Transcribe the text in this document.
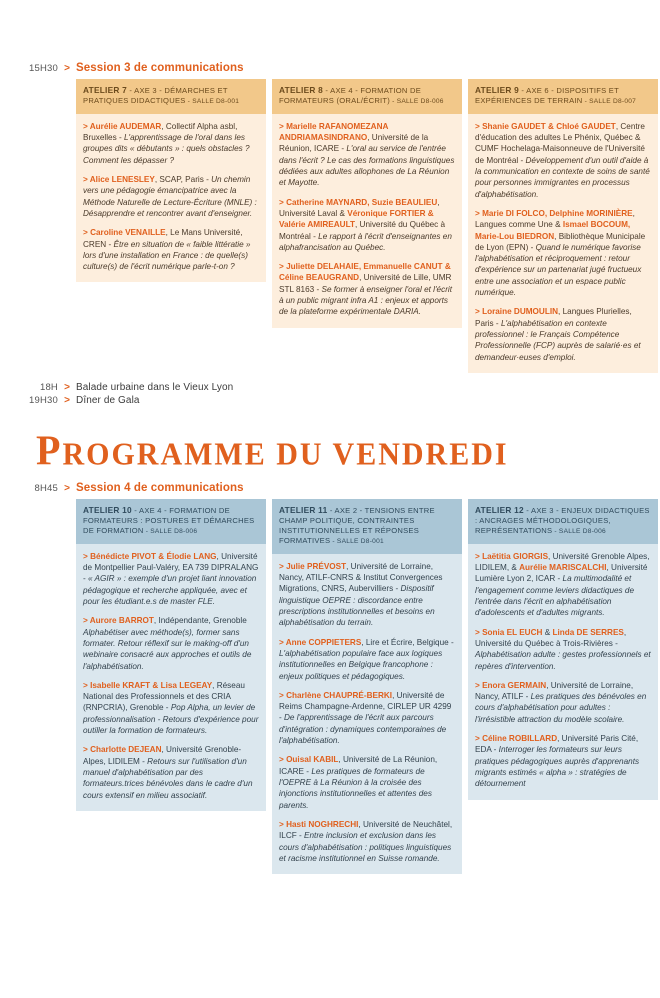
15H30 > Session 3 de communications
ATELIER 7 - AXE 3 - DÉMARCHES ET PRATIQUES DIDACTIQUES - SALLE D8-001
> Aurélie AUDEMAR, Collectif Alpha asbl, Bruxelles - L'apprentissage de l'oral dans les groupes dits « débutants » : quels obstacles ? Comment les dépasser ?
> Alice LENESLEY, SCAP, Paris - Un chemin vers une pédagogie émancipatrice avec la Méthode Naturelle de Lecture-Écriture (MNLE) : Désapprendre et rencontrer avant d'enseigner.
> Caroline VENAILLE, Le Mans Université, CREN - Être en situation de « faible littératie » lors d'une installation en France : de quelle(s) culture(s) de l'écrit numérique parle-t-on ?
ATELIER 8 - AXE 4 - FORMATION DE FORMATEURS (ORAL/ÉCRIT) - SALLE D8-006
> Marielle RAFANOMEZANA ANDRIAMASINDRANO, Université de la Réunion, ICARE - L'oral au service de l'entrée dans l'écrit ? Le cas des formations linguistiques dédiées aux adultes allophones de La Réunion et Mayotte.
> Catherine MAYNARD, Suzie BEAULIEU, Université Laval & Véronique FORTIER & Valérie AMIREAULT, Université du Québec à Montréal - Le rapport à l'écrit d'enseignantes en alphafrancisation au Québec.
> Juliette DELAHAIE, Emmanuelle CANUT & Céline BEAUGRAND, Université de Lille, UMR STL 8163 - Se former à enseigner l'oral et l'écrit à un public migrant infra A1 : enjeux et apports de la plateforme expérimentale DARIA.
ATELIER 9 - AXE 6 - DISPOSITIFS ET EXPÉRIENCES DE TERRAIN - SALLE D8-007
> Shanie GAUDET & Chloé GAUDET, Centre d'éducation des adultes Le Phénix, Québec & CUMF Hochelaga-Maisonneuve de l'Université de Montréal - Développement d'un outil d'aide à la communication en contexte de soins de santé pour personnes immigrantes en processus d'alphabétisation.
> Marie DI FOLCO, Delphine MORINIÈRE, Langues comme Une & Ismael BOCOUM, Marie-Lou BIEDRON, Bibliothèque Municipale de Lyon (EPN) - Quand le numérique favorise l'alphabétisation et réciproquement : retour d'expérience sur un partenariat jugé fructueux entre une association et un espace public numérique.
> Loraine DUMOULIN, Langues Plurielles, Paris - L'alphabétisation en contexte professionnel : le Français Compétence Professionnelle (FCP) auprès de salarié·es et demandeur·euses d'emploi.
18H > Balade urbaine dans le Vieux Lyon
19H30 > Dîner de Gala
PROGRAMME DU VENDREDI
8H45 > Session 4 de communications
ATELIER 10 - AXE 4 - FORMATION DE FORMATEURS : POSTURES ET DÉMARCHES DE FORMATION - SALLE D8-006
> Bénédicte PIVOT & Élodie LANG, Université de Montpellier Paul-Valéry, EA 739 DIPRALANG - « AGIR » : exemple d'un projet liant innovation pédagogique et recherche appliquée, avec et pour les étudiant.e.s de master FLE.
> Aurore BARROT, Indépendante, Grenoble Alphabétiser avec méthode(s), former sans formater. Retour réflexif sur le making-off d'un webinaire consacré aux approches et outils de l'alphabétisation.
> Isabelle KRAFT & Lisa LEGEAY, Réseau National des Professionnels et des CRIA (RNPCRIA), Grenoble - Pop Alpha, un levier de professionnalisation - Retours d'expérience pour outiller la formation de formateurs.
> Charlotte DEJEAN, Université Grenoble-Alpes, LIDILEM - Retours sur l'utilisation d'un manuel d'alphabétisation par des formateurs.trices bénévoles dans le cadre d'un cours extensif en milieu associatif.
ATELIER 11 - AXE 2 - TENSIONS ENTRE CHAMP POLITIQUE, CONTRAINTES INSTITUTIONNELLES ET RÉPONSES FORMATIVES - SALLE D8-001
> Julie PRÉVOST, Université de Lorraine, Nancy, ATILF-CNRS & Institut Convergences Migrations, CNRS, Aubervilliers - Dispositif linguistique OEPRE : discordance entre prescriptions institutionnelles et besoins en alphabétisation du terrain.
> Anne COPPIETERS, Lire et Écrire, Belgique - L'alphabétisation populaire face aux logiques institutionnelles en Belgique francophone : enjeux politiques et pédagogiques.
> Charlène CHAUPRÉ-BERKI, Université de Reims Champagne-Ardenne, CIRLEP UR 4299 - De l'apprentissage de l'écrit aux parcours d'intégration : dynamiques contemporaines de l'alphabétisation.
> Ouisal KABIL, Université de La Réunion, ICARE - Les pratiques de formateurs de l'OEPRE à La Réunion à la croisée des injonctions institutionnelles et attentes des parents.
> Hasti NOGHRECHI, Université de Neuchâtel, ILCF - Entre inclusion et exclusion dans les cours d'alphabétisation : politiques linguistiques et racisme institutionnel en Suisse romande.
ATELIER 12 - AXE 3 - ENJEUX DIDACTIQUES : ANCRAGES MÉTHODOLOGIQUES, REPRÉSENTATIONS - SALLE D8-006
> Laëtitia GIORGIS, Université Grenoble Alpes, LIDILEM, & Aurélie MARISCALCHI, Université Lumière Lyon 2, ICAR - La multimodalité et l'engagement comme leviers didactiques de l'entrée dans l'écrit en alphabétisation d'adolescents et d'adultes migrants.
> Sonia EL EUCH & Linda DE SERRES, Université du Québec à Trois-Rivières - Alphabétisation adulte : gestes professionnels et repères d'intervention.
> Enora GERMAIN, Université de Lorraine, Nancy, ATILF - Les pratiques des bénévoles en cours d'alphabétisation pour adultes : l'irrésistible attraction du modèle scolaire.
> Céline ROBILLARD, Université Paris Cité, EDA - Interroger les formateurs sur leurs pratiques pédagogiques auprès d'apprenants migrants estimés « alpha » : stratégies de détournement
